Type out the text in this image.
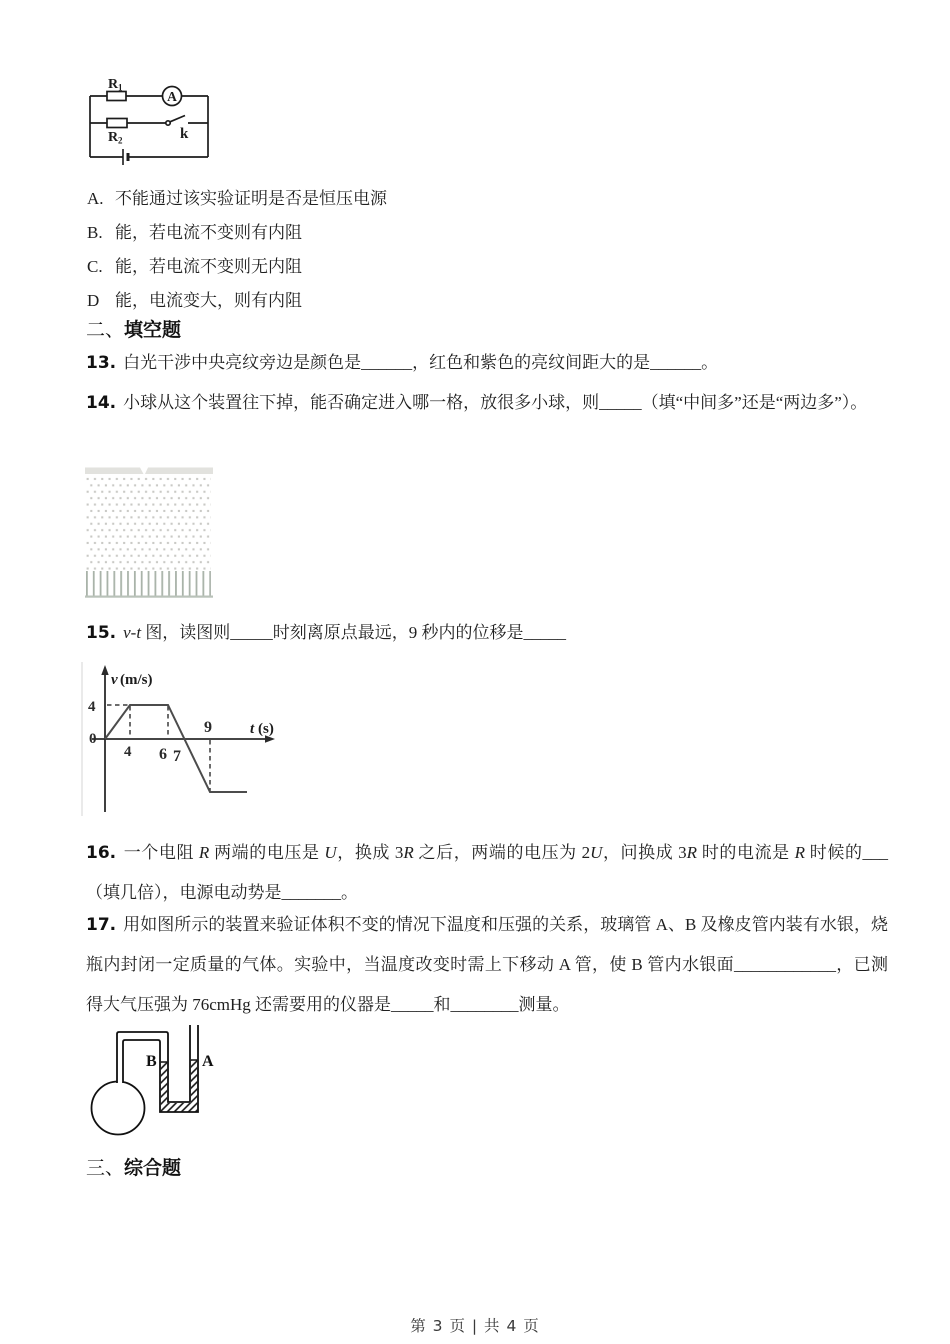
R 1
A
R 2	k
A. 不能通过该实验证明是否是恒压电源
B. 能，若电流不变则有内阻
C. 能，若电流不变则无内阻
D 能，电流变大，则有内阻
二、填空题
13. 白光干涉中央亮纹旁边是颜色是______，红色和紫色的亮纹间距大的是______。
14. 小球从这个装置往下掉，能否确定进入哪一格，放很多小球，则_____（填“中间多”还是“两边多”）。
15. v-t 图，读图则_____时刻离原点最远，9 秒内的位移是_____
v (m/s)
4
0
4 6 7
9	t (s)
16. 一个电阻 R 两端的电压是 U，换成 3R 之后，两端的电压为 2U，问换成 3R 时的电流是 R 时候的___（填几倍），电源电动势是_______。
17. 用如图所示的装置来验证体积不变的情况下温度和压强的关系，玻璃管 A、B 及橡皮管内装有水银，烧瓶内封闭一定质量的气体。实验中，当温度改变时需上下移动 A 管，使 B 管内水银面____________，已测得大气压强为 76cmHg 还需要用的仪器是_____和________测量。
B	A
三、综合题
第 3 页 | 共 4 页
